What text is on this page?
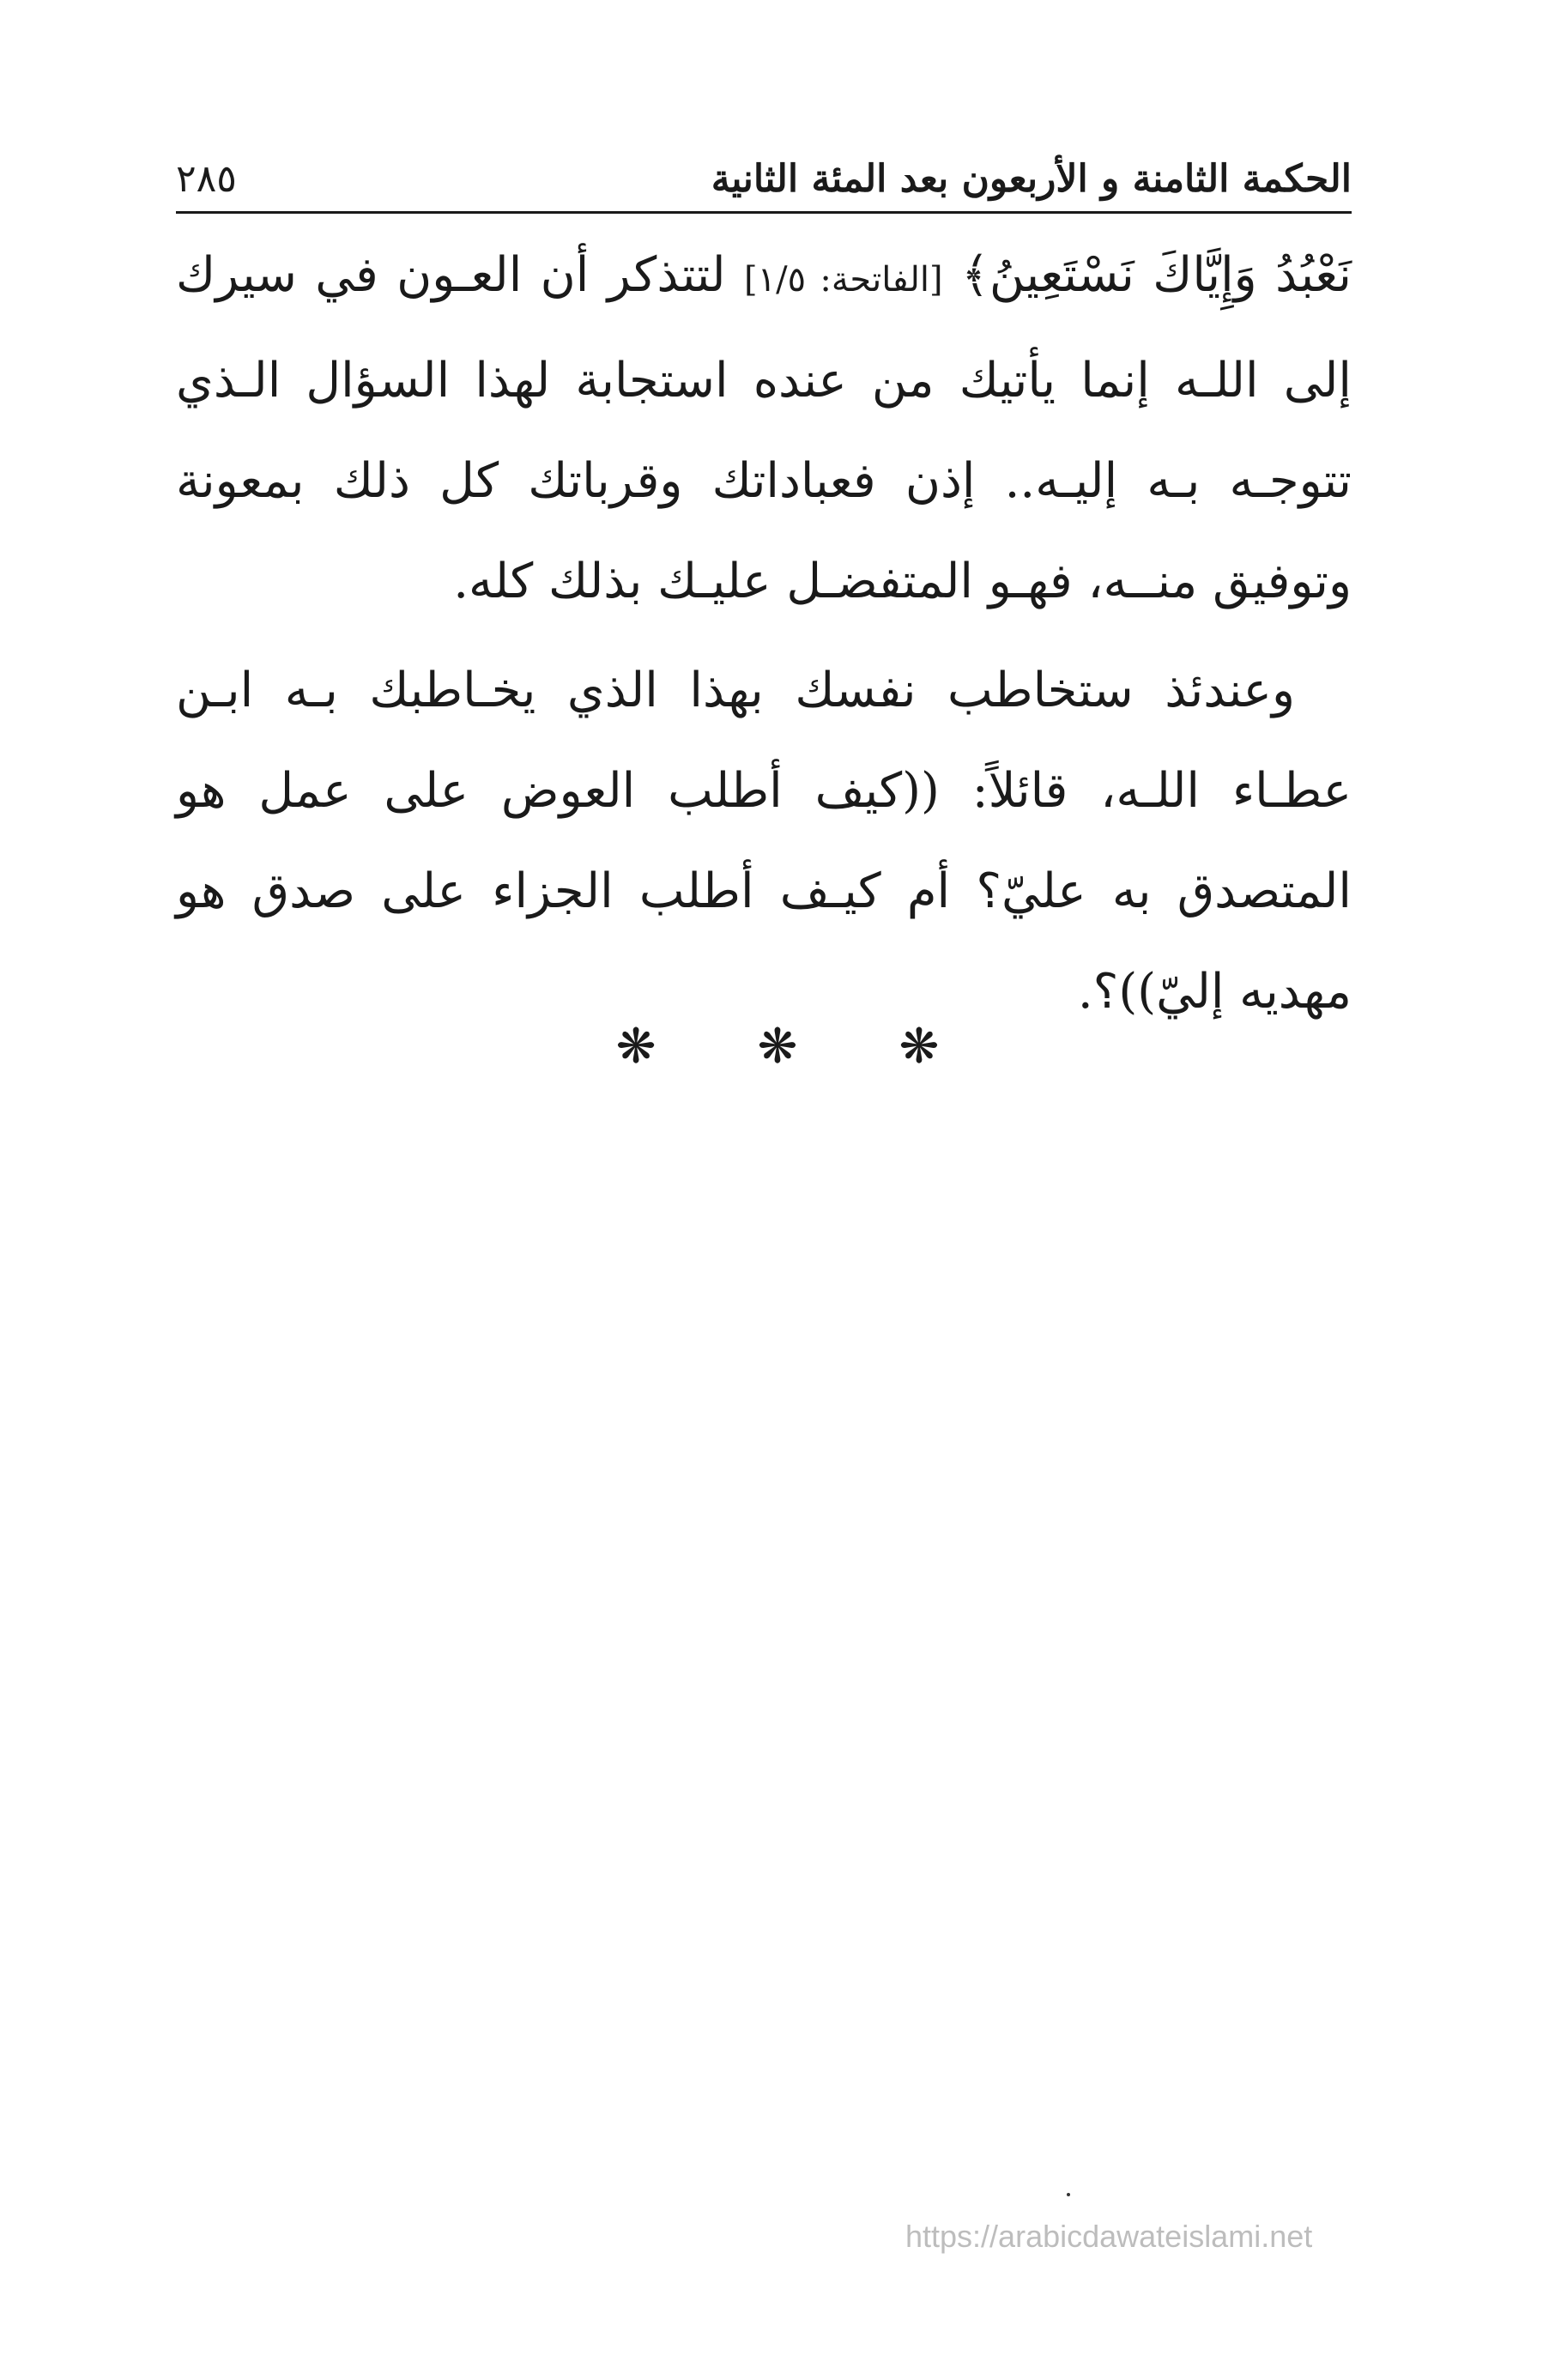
الحكمة الثامنة و الأربعون بعد المئة الثانية
٢٨٥

نَعْبُدُ وَإِيَّاكَ نَسْتَعِينُ﴾ [الفاتحة: ١/٥] لتتذكر أن العـون في سيرك إلى اللـه إنما يأتيك من عنده استجابة لهذا السؤال الـذي تتوجـه بـه إليـه.. إذن فعباداتك وقرباتك كل ذلك بمعونة وتوفيق منــه، فهـو المتفضـل عليـك بذلك كله.

وعندئذ ستخاطب نفسك بهذا الذي يخـاطبك بـه ابـن عطـاء اللـه، قائلاً: ((كيف أطلب العوض على عمل هو المتصدق به عليّ؟ أم كيـف أطلب الجزاء على صدق هو مهديه إليّ))؟.

❋ ❋ ❋
https://arabicdawateislami.net
